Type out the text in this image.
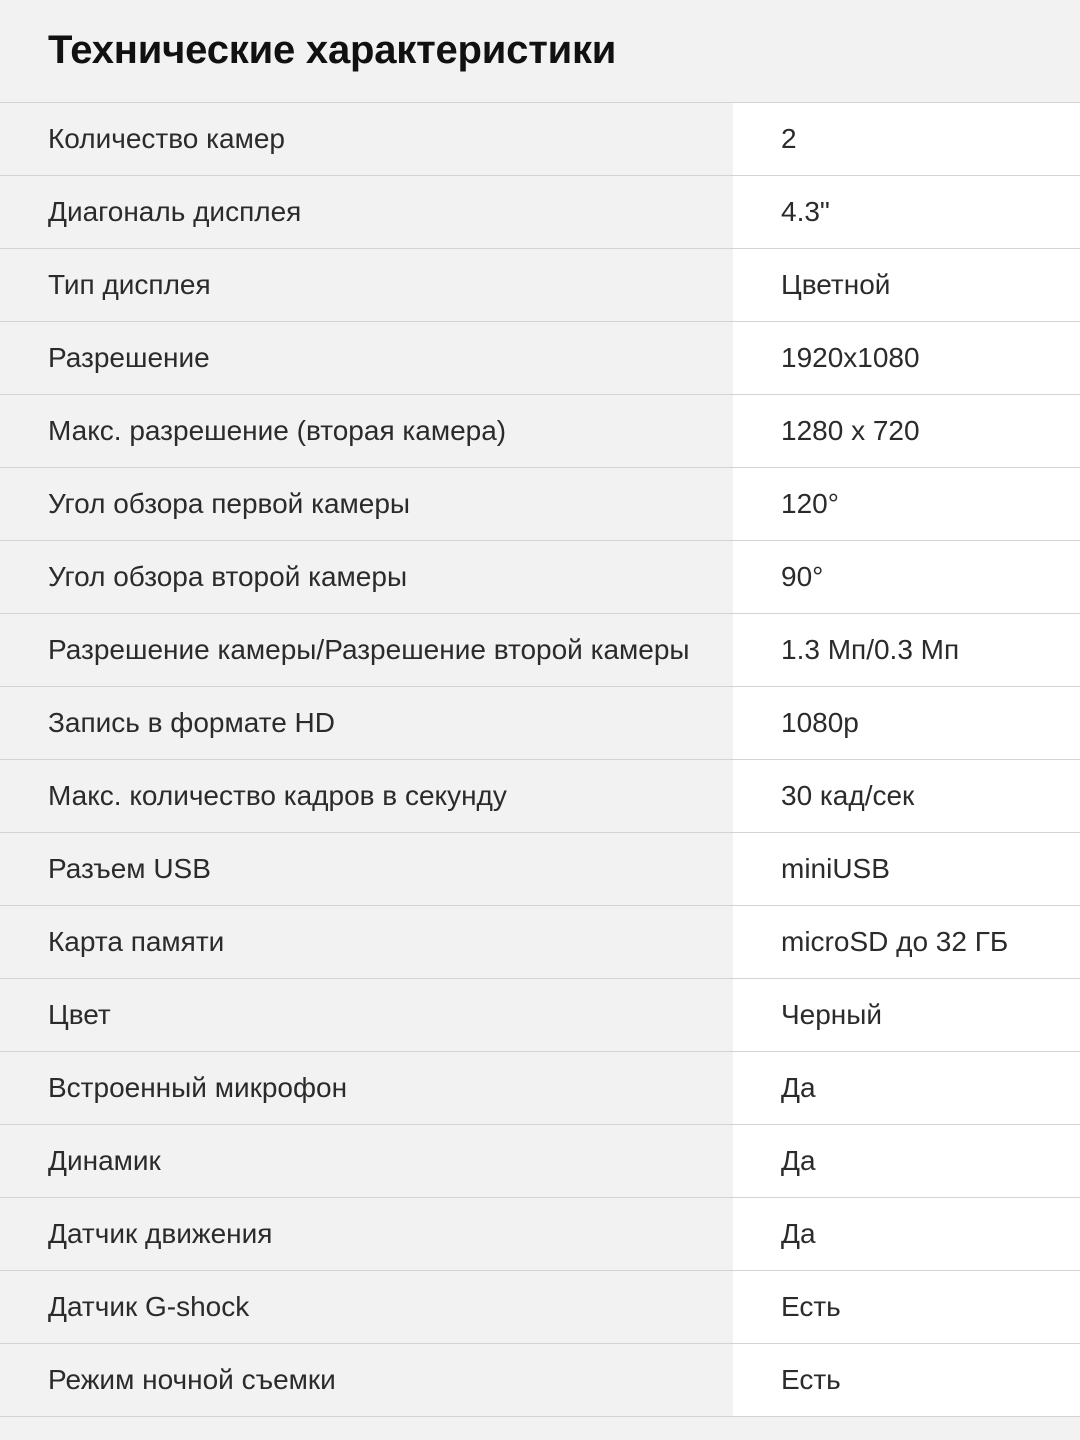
Технические характеристики
Количество камер	2
Диагональ дисплея	4.3"
Тип дисплея	Цветной
Разрешение	1920x1080
Макс. разрешение (вторая камера)	1280 x 720
Угол обзора первой камеры	120°
Угол обзора второй камеры	90°
Разрешение камеры/Разрешение второй камеры	1.3 Мп/0.3 Мп
Запись в формате HD	1080p
Макс. количество кадров в секунду	30 кад/сек
Разъем USB	miniUSB
Карта памяти	microSD до 32 ГБ
Цвет	Черный
Встроенный микрофон	Да
Динамик	Да
Датчик движения	Да
Датчик G-shock	Есть
Режим ночной съемки	Есть
